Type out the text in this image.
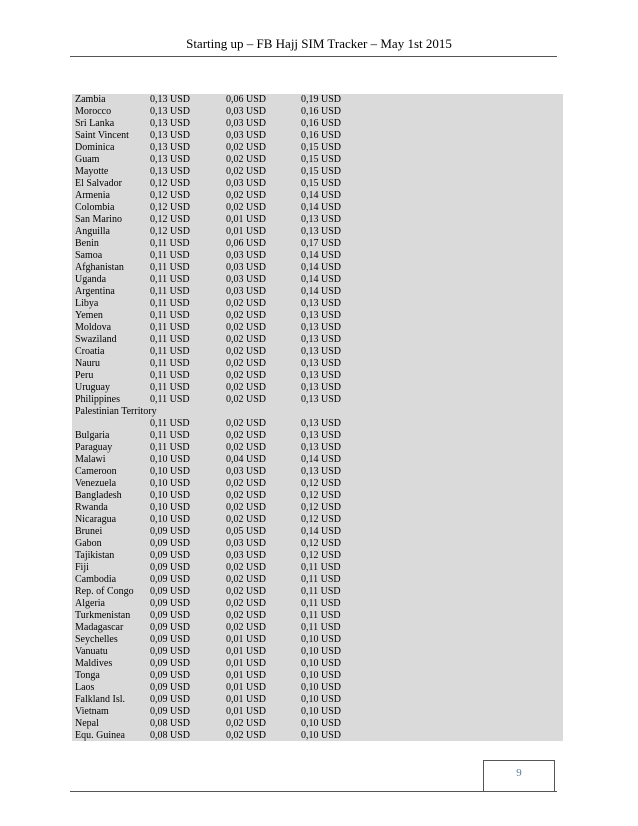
Starting up – FB Hajj SIM Tracker – May 1st 2015
Zambia	0,13 USD	0,06 USD	0,19 USD
Morocco	0,13 USD	0,03 USD	0,16 USD
Sri Lanka	0,13 USD	0,03 USD	0,16 USD
Saint Vincent 0,13 USD	0,03 USD	0,16 USD
Dominica	0,13 USD	0,02 USD	0,15 USD
Guam	0,13 USD	0,02 USD	0,15 USD
Mayotte	0,13 USD	0,02 USD	0,15 USD
El Salvador	0,12 USD	0,03 USD	0,15 USD
Armenia	0,12 USD	0,02 USD	0,14 USD
Colombia	0,12 USD	0,02 USD	0,14 USD
San Marino	0,12 USD	0,01 USD	0,13 USD
Anguilla	0,12 USD	0,01 USD	0,13 USD
Benin	0,11 USD	0,06 USD	0,17 USD
Samoa	0,11 USD	0,03 USD	0,14 USD
Afghanistan	0,11 USD	0,03 USD	0,14 USD
Uganda	0,11 USD	0,03 USD	0,14 USD
Argentina	0,11 USD	0,03 USD	0,14 USD
Libya	0,11 USD	0,02 USD	0,13 USD
Yemen	0,11 USD	0,02 USD	0,13 USD
Moldova	0,11 USD	0,02 USD	0,13 USD
Swaziland	0,11 USD	0,02 USD	0,13 USD
Croatia	0,11 USD	0,02 USD	0,13 USD
Nauru	0,11 USD	0,02 USD	0,13 USD
Peru	0,11 USD	0,02 USD	0,13 USD
Uruguay	0,11 USD	0,02 USD	0,13 USD
Philippines	0,11 USD	0,02 USD	0,13 USD
Palestinian Territory
0,11 USD	0,02 USD	0,13 USD
Bulgaria	0,11 USD	0,02 USD	0,13 USD
Paraguay	0,11 USD	0,02 USD	0,13 USD
Malawi	0,10 USD	0,04 USD	0,14 USD
Cameroon	0,10 USD	0,03 USD	0,13 USD
Venezuela	0,10 USD	0,02 USD	0,12 USD
Bangladesh	0,10 USD	0,02 USD	0,12 USD
Rwanda	0,10 USD	0,02 USD	0,12 USD
Nicaragua	0,10 USD	0,02 USD	0,12 USD
Brunei	0,09 USD	0,05 USD	0,14 USD
Gabon	0,09 USD	0,03 USD	0,12 USD
Tajikistan	0,09 USD	0,03 USD	0,12 USD
Fiji	0,09 USD	0,02 USD	0,11 USD
Cambodia	0,09 USD	0,02 USD	0,11 USD
Rep. of Congo 0,09 USD	0,02 USD	0,11 USD
Algeria	0,09 USD	0,02 USD	0,11 USD
Turkmenistan 0,09 USD	0,02 USD	0,11 USD
Madagascar	0,09 USD	0,02 USD	0,11 USD
Seychelles	0,09 USD	0,01 USD	0,10 USD
Vanuatu	0,09 USD	0,01 USD	0,10 USD
Maldives	0,09 USD	0,01 USD	0,10 USD
Tonga	0,09 USD	0,01 USD	0,10 USD
Laos	0,09 USD	0,01 USD	0,10 USD
Falkland Isl.	0,09 USD	0,01 USD	0,10 USD
Vietnam	0,09 USD	0,01 USD	0,10 USD
Nepal	0,08 USD	0,02 USD	0,10 USD
Equ. Guinea	0,08 USD	0,02 USD	0,10 USD
9
